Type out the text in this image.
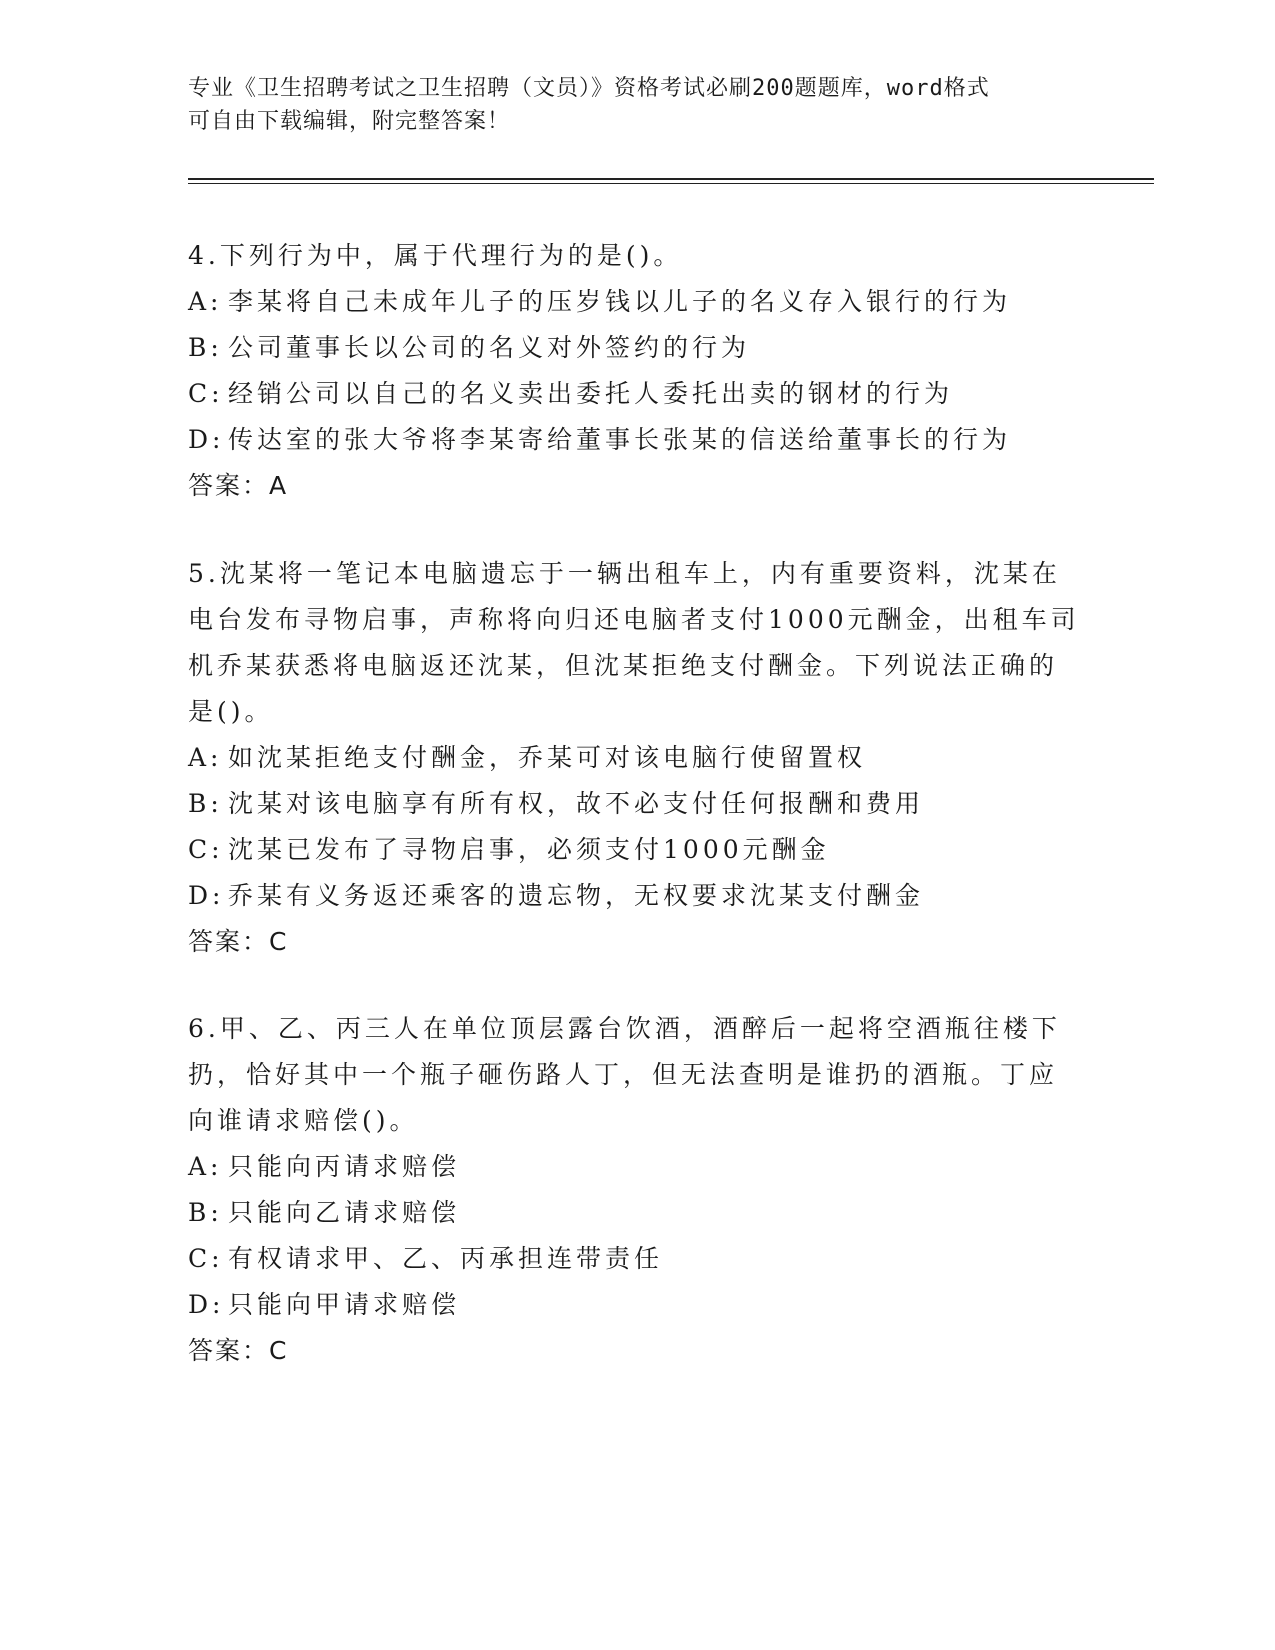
专业《卫生招聘考试之卫生招聘（文员）》资格考试必刷200题题库，word格式
可自由下载编辑，附完整答案！
4.下列行为中，属于代理行为的是()。
A: 李某将自己未成年儿子的压岁钱以儿子的名义存入银行的行为
B: 公司董事长以公司的名义对外签约的行为
C: 经销公司以自己的名义卖出委托人委托出卖的钢材的行为
D: 传达室的张大爷将李某寄给董事长张某的信送给董事长的行为
答案：A
5.沈某将一笔记本电脑遗忘于一辆出租车上，内有重要资料，沈某在
电台发布寻物启事，声称将向归还电脑者支付1000元酬金，出租车司
机乔某获悉将电脑返还沈某，但沈某拒绝支付酬金。下列说法正确的
是()。
A: 如沈某拒绝支付酬金，乔某可对该电脑行使留置权
B: 沈某对该电脑享有所有权，故不必支付任何报酬和费用
C: 沈某已发布了寻物启事，必须支付1000元酬金
D: 乔某有义务返还乘客的遗忘物，无权要求沈某支付酬金
答案：C
6.甲、乙、丙三人在单位顶层露台饮酒，酒醉后一起将空酒瓶往楼下
扔，恰好其中一个瓶子砸伤路人丁，但无法查明是谁扔的酒瓶。丁应
向谁请求赔偿()。
A: 只能向丙请求赔偿
B: 只能向乙请求赔偿
C: 有权请求甲、乙、丙承担连带责任
D: 只能向甲请求赔偿
答案：C
